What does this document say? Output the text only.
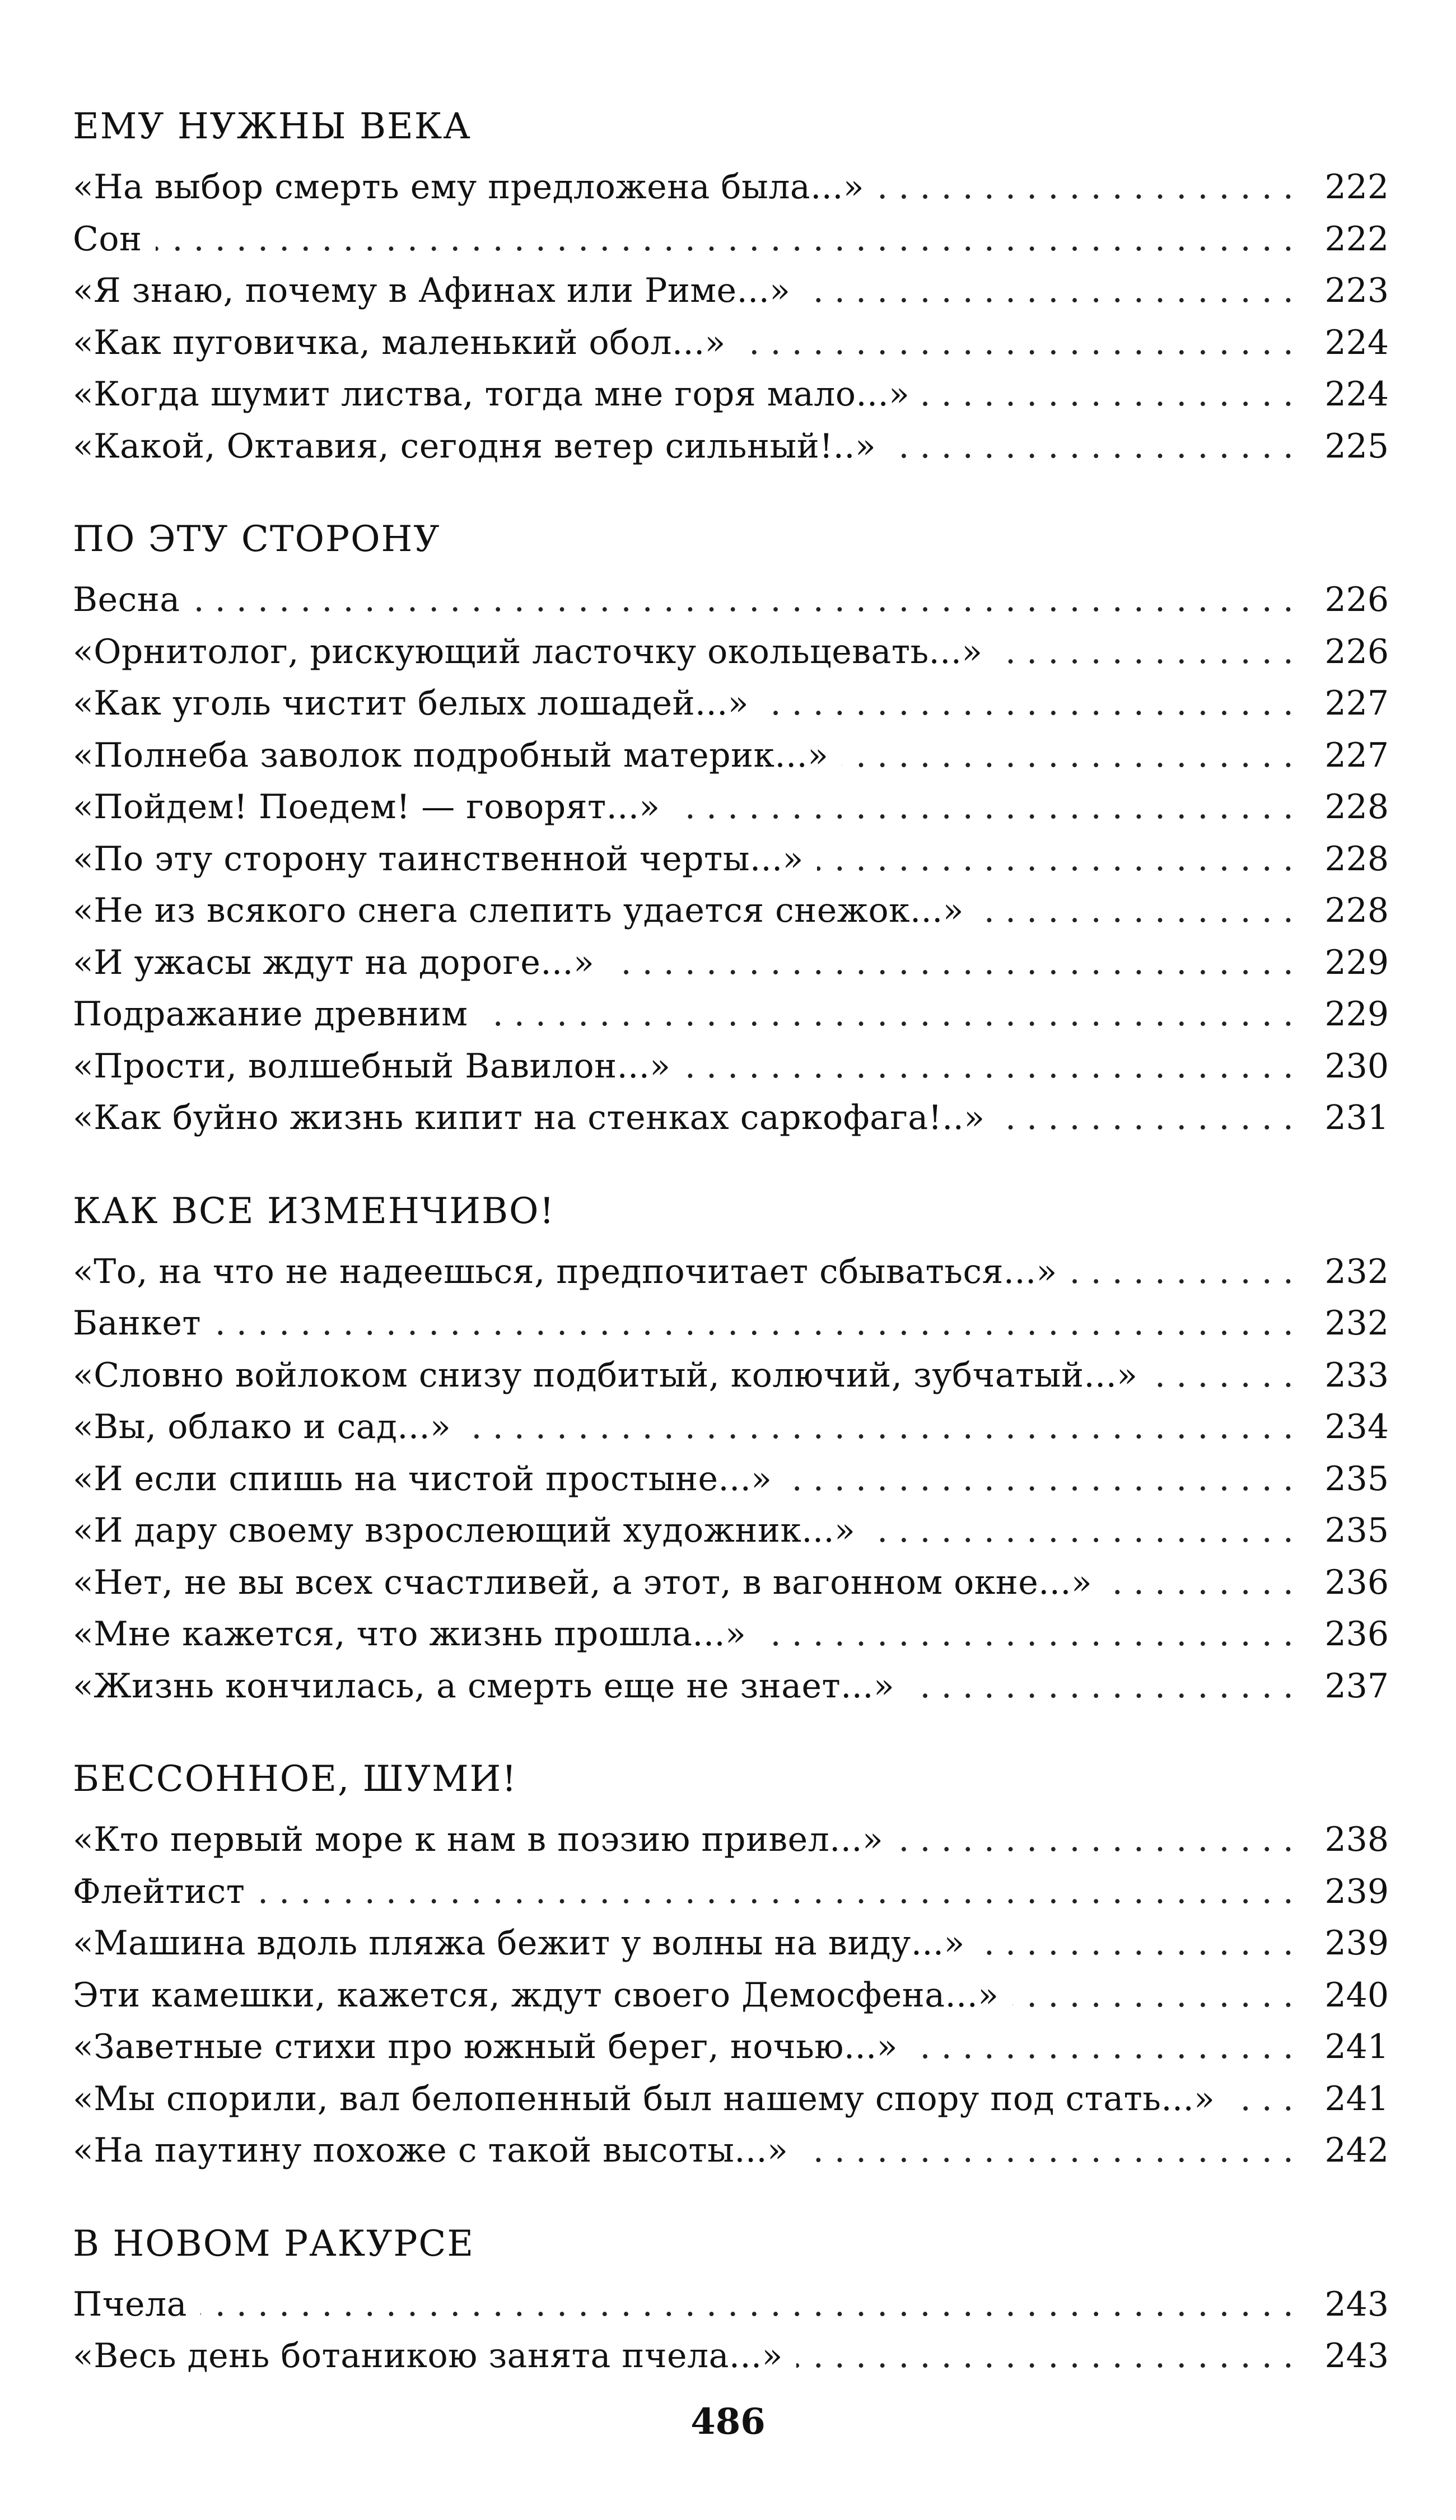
ЕМУ НУЖНЫ ВЕКА
«На выбор смерть ему предложена была...» . . .	222
Сон . . .	222
«Я знаю, почему в Афинах или Риме...» . . .	223
«Как пуговичка, маленький обол...» . . .	224
«Когда шумит листва, тогда мне горя мало...» . . .	224
«Какой, Октавия, сегодня ветер сильный!..» . . .	225
ПО ЭТУ СТОРОНУ
Весна . . .	226
«Орнитолог, рискующий ласточку окольцевать...» . . .	226
«Как уголь чистит белых лошадей...» . . .	227
«Полнеба заволок подробный материк...» . . .	227
«Пойдем! Поедем! — говорят...» . . .	228
«По эту сторону таинственной черты...» . . .	228
«Не из всякого снега слепить удается снежок...» . . .	228
«И ужасы ждут на дороге...» . . .	229
Подражание древним . . .	229
«Прости, волшебный Вавилон...» . . .	230
«Как буйно жизнь кипит на стенках саркофага!..» . . .	231
КАК ВСЕ ИЗМЕНЧИВО!
«То, на что не надеешься, предпочитает сбываться...» . . .	232
Банкет . . .	232
«Словно войлоком снизу подбитый, колючий, зубчатый...» . . .	233
«Вы, облако и сад...» . . .	234
«И если спишь на чистой простыне...» . . .	235
«И дару своему взрослеющий художник...» . . .	235
«Нет, не вы всех счастливей, а этот, в вагонном окне...» . . .	236
«Мне кажется, что жизнь прошла...» . . .	236
«Жизнь кончилась, а смерть еще не знает...» . . .	237
БЕССОННОЕ, ШУМИ!
«Кто первый море к нам в поэзию привел...» . . .	238
Флейтист . . .	239
«Машина вдоль пляжа бежит у волны на виду...» . . .	239
Эти камешки, кажется, ждут своего Демосфена...» . . .	240
«Заветные стихи про южный берег, ночью...» . . .	241
«Мы спорили, вал белопенный был нашему спору под стать...» . . .	241
«На паутину похоже с такой высоты...» . . .	242
В НОВОМ РАКУРСЕ
Пчела . . .	243
«Весь день ботаникою занята пчела...» . . .	243
486
